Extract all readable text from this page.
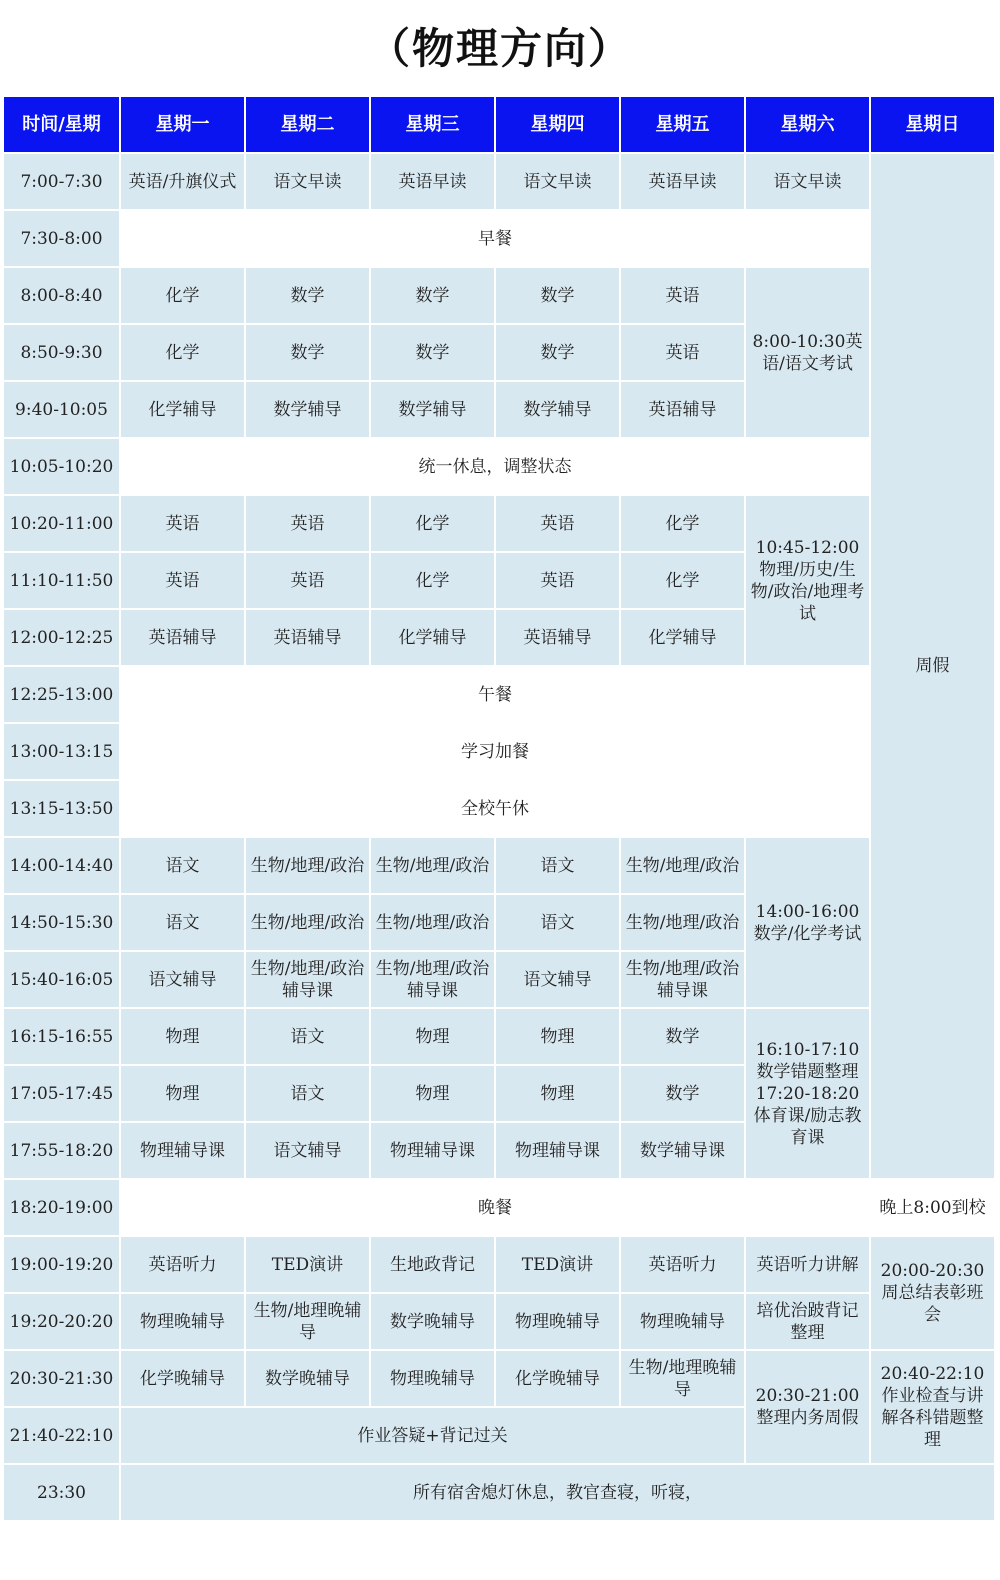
（物理方向）
时间/星期	星期一	星期二	星期三	星期四	星期五	星期六	星期日
7:00-7:30	英语/升旗仪式	语文早读	英语早读	语文早读	英语早读	语文早读	周假
7:30-8:00	早餐						
8:00-8:40	化学	数学	数学	数学	英语	8:00-10:30英语/语文考试	
8:50-9:30	化学	数学	数学	数学	英语		
9:40-10:05	化学辅导	数学辅导	数学辅导	数学辅导	英语辅导		
10:05-10:20	统一休息，调整状态						
10:20-11:00	英语	英语	化学	英语	化学	10:45-12:00物理/历史/生物/政治/地理考试	
11:10-11:50	英语	英语	化学	英语	化学		
12:00-12:25	英语辅导	英语辅导	化学辅导	英语辅导	化学辅导		
12:25-13:00	午餐						
13:00-13:15	学习加餐						
13:15-13:50	全校午休						
14:00-14:40	语文	生物/地理/政治	生物/地理/政治	语文	生物/地理/政治	14:00-16:00数学/化学考试	
14:50-15:30	语文	生物/地理/政治	生物/地理/政治	语文	生物/地理/政治		
15:40-16:05	语文辅导	生物/地理/政治辅导课	生物/地理/政治辅导课	语文辅导	生物/地理/政治辅导课		
16:15-16:55	物理	语文	物理	物理	数学	16:10-17:10数学错题整理17:20-18:20体育课/励志教育课	
17:05-17:45	物理	语文	物理	物理	数学		
17:55-18:20	物理辅导课	语文辅导	物理辅导课	物理辅导课	数学辅导课		
18:20-19:00	晚餐						晚上8:00到校
19:00-19:20	英语听力	TED演讲	生地政背记	TED演讲	英语听力	英语听力讲解	20:00-20:30周总结表彰班会
19:20-20:20	物理晚辅导	生物/地理晚辅导	数学晚辅导	物理晚辅导	物理晚辅导	培优治跛背记整理	
20:30-21:30	化学晚辅导	数学晚辅导	物理晚辅导	化学晚辅导	生物/地理晚辅导	20:30-21:00整理内务周假	20:40-22:10作业检查与讲解各科错题整理
21:40-22:10	作业答疑+背记过关						
23:30	所有宿舍熄灯休息，教官查寝，听寝，						
